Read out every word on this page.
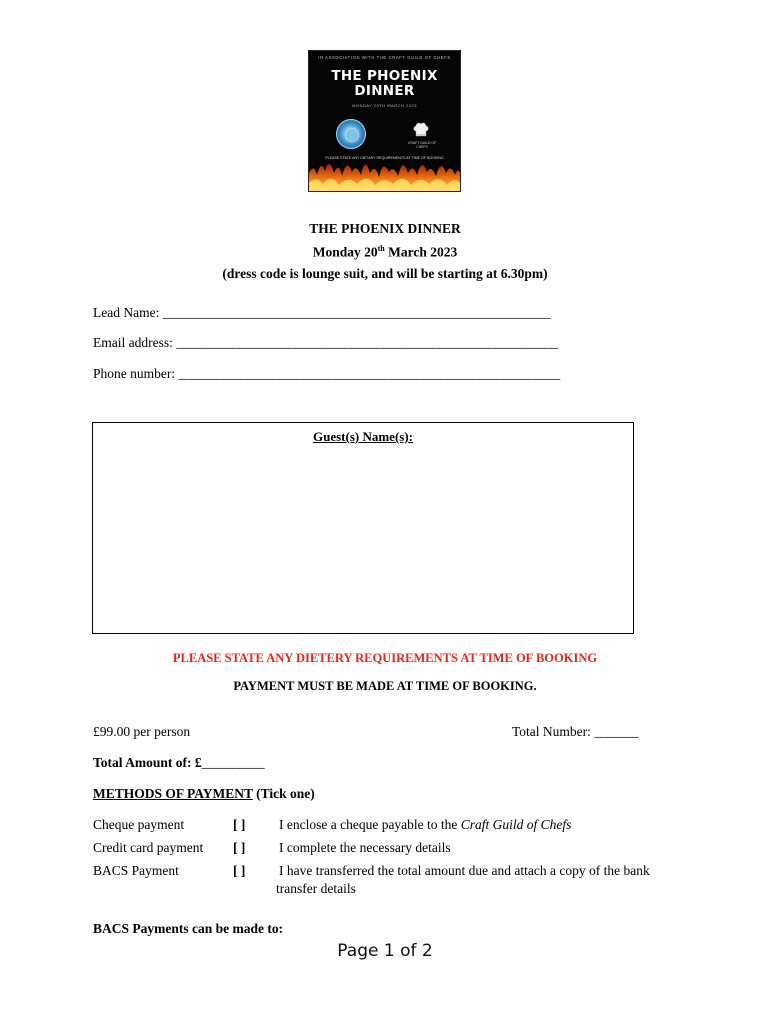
IN ASSOCIATION WITH THE CRAFT GUILD OF CHEFS
THE PHOENIX
DINNER
MONDAY 20TH MARCH 2023
CRAFT GUILD OF CHEFS
PLEASE STATE ANY DIETARY REQUIREMENTS AT TIME OF BOOKING
THE PHOENIX DINNER
Monday 20th March 2023
(dress code is lounge suit, and will be starting at 6.30pm)
Lead Name: ______________________________________________________________
Email address: _____________________________________________________________
Phone number: _____________________________________________________________
Guest(s) Name(s):
PLEASE STATE ANY DIETERY REQUIREMENTS AT TIME OF BOOKING
PAYMENT MUST BE MADE AT TIME OF BOOKING.
£99.00 per person	Total Number: _______
Total Amount of: £__________
METHODS OF PAYMENT (Tick one)
Cheque payment	[ ] I enclose a cheque payable to the Craft Guild of Chefs
Credit card payment [ ] I complete the necessary details
BACS Payment	[ ] I have transferred the total amount due and attach a copy of the bank
transfer details
BACS Payments can be made to:
Page 1 of 2
